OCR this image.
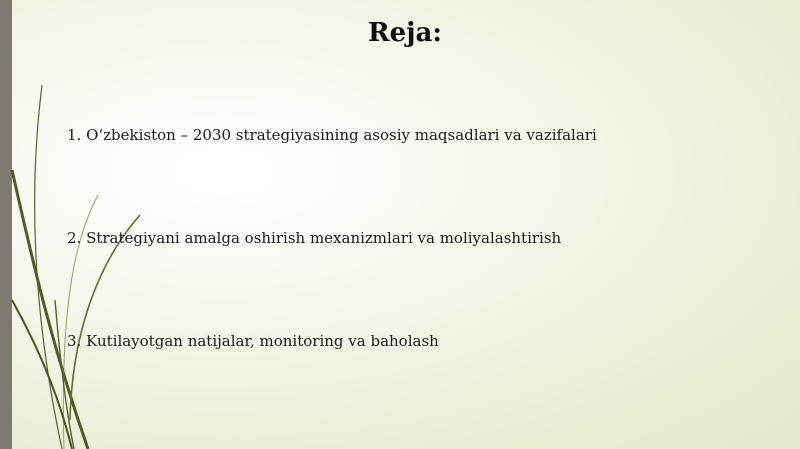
Reja:
1. O‘zbekiston – 2030 strategiyasining asosiy maqsadlari va vazifalari
2. Strategiyani amalga oshirish mexanizmlari va moliyalashtirish
3. Kutilayotgan natijalar, monitoring va baholash
